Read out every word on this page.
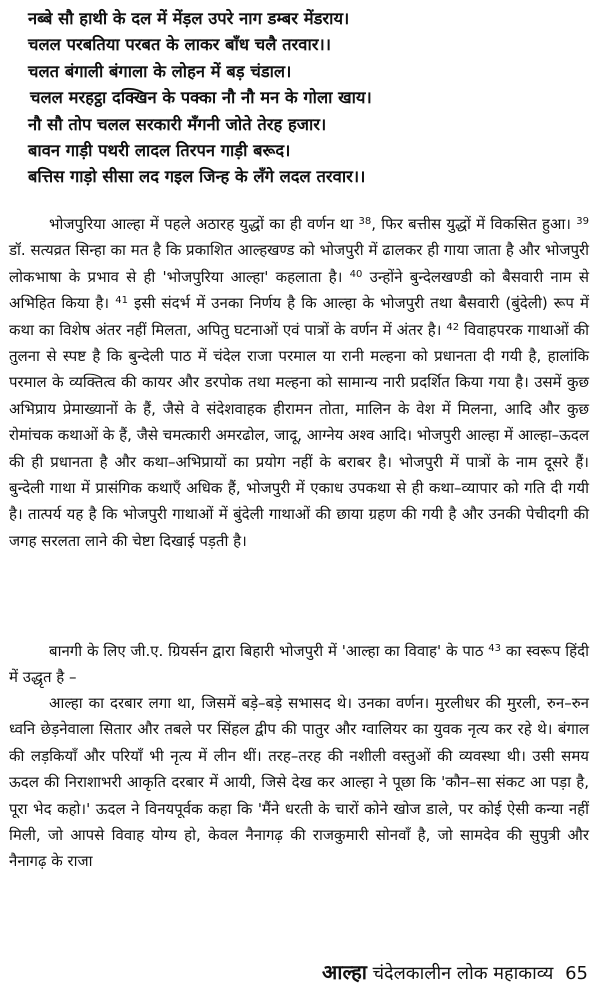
नब्बे सौ हाथी के दल में मेंड़ल उपरे नाग डम्बर मेंडराय।
चलल परबतिया परबत के लाकर बाँध चलै तरवार।।
चलत बंगाली बंगाला के लोहन में बड़ चंडाल।
चलल मरहट्ठा दक्खिन के पक्का नौ नौ मन के गोला खाय।
नौ सौ तोप चलल सरकारी मँगनी जोते तेरह हजार।
बावन गाड़ी पथरी लादल तिरपन गाड़ी बरूद।
बत्तिस गाड़ो सीसा लद गइल जिन्ह के लँगे लदल तरवार।।

भोजपुरिया आल्हा में पहले अठारह युद्धों का ही वर्णन था $^{38}$, फिर बत्तीस युद्धों में विकसित हुआ। $^{39}$ डॉ. सत्यव्रत सिन्हा का मत है कि प्रकाशित आल्हखण्ड को भोजपुरी में ढालकर ही गाया जाता है और भोजपुरी लोकभाषा के प्रभाव से ही 'भोजपुरिया आल्हा' कहलाता है। $^{40}$ उन्होंने बुन्देलखण्डी को बैसवारी नाम से अभिहित किया है। $^{41}$ इसी संदर्भ में उनका निर्णय है कि आल्हा के भोजपुरी तथा बैसवारी (बुंदेली) रूप में कथा का विशेष अंतर नहीं मिलता, अपितु घटनाओं एवं पात्रों के वर्णन में अंतर है। $^{42}$ विवाहपरक गाथाओं की तुलना से स्पष्ट है कि बुन्देली पाठ में चंदेल राजा परमाल या रानी मल्हना को प्रधानता दी गयी है, हालांकि परमाल के व्यक्तित्व की कायर और डरपोक तथा मल्हना को सामान्य नारी प्रदर्शित किया गया है। उसमें कुछ अभिप्राय प्रेमाख्यानों के हैं, जैसे वे संदेशवाहक हीरामन तोता, मालिन के वेश में मिलना, आदि और कुछ रोमांचक कथाओं के हैं, जैसे चमत्कारी अमरढोल, जादू, आग्नेय अश्व आदि। भोजपुरी आल्हा में आल्हा–ऊदल की ही प्रधानता है और कथा–अभिप्रायों का प्रयोग नहीं के बराबर है। भोजपुरी में पात्रों के नाम दूसरे हैं। बुन्देली गाथा में प्रासंगिक कथाएँ अधिक हैं, भोजपुरी में एकाध उपकथा से ही कथा–व्यापार को गति दी गयी है। तात्पर्य यह है कि भोजपुरी गाथाओं में बुंदेली गाथाओं की छाया ग्रहण की गयी है और उनकी पेचीदगी की जगह सरलता लाने की चेष्टा दिखाई पड़ती है।

बानगी के लिए जी.ए. ग्रियर्सन द्वारा बिहारी भोजपुरी में 'आल्हा का विवाह' के पाठ $^{43}$ का स्वरूप हिंदी में उद्धृत है –

आल्हा का दरबार लगा था, जिसमें बड़े–बड़े सभासद थे। उनका वर्णन। मुरलीधर की मुरली, रुन–रुन ध्वनि छेड़नेवाला सितार और तबले पर सिंहल द्वीप की पातुर और ग्वालियर का युवक नृत्य कर रहे थे। बंगाल की लड़कियाँ और परियाँ भी नृत्य में लीन थीं। तरह–तरह की नशीली वस्तुओं की व्यवस्था थी। उसी समय ऊदल की निराशाभरी आकृति दरबार में आयी, जिसे देख कर आल्हा ने पूछा कि 'कौन–सा संकट आ पड़ा है, पूरा भेद कहो।' ऊदल ने विनयपूर्वक कहा कि 'मैंने धरती के चारों कोने खोज डाले, पर कोई ऐसी कन्या नहीं मिली, जो आपसे विवाह योग्य हो, केवल नैनागढ़ की राजकुमारी सोनवाँ है, जो सामदेव की सुपुत्री और नैनागढ़ के राजा

आल्हा चंदेलकालीन लोक महाकाव्य 65
